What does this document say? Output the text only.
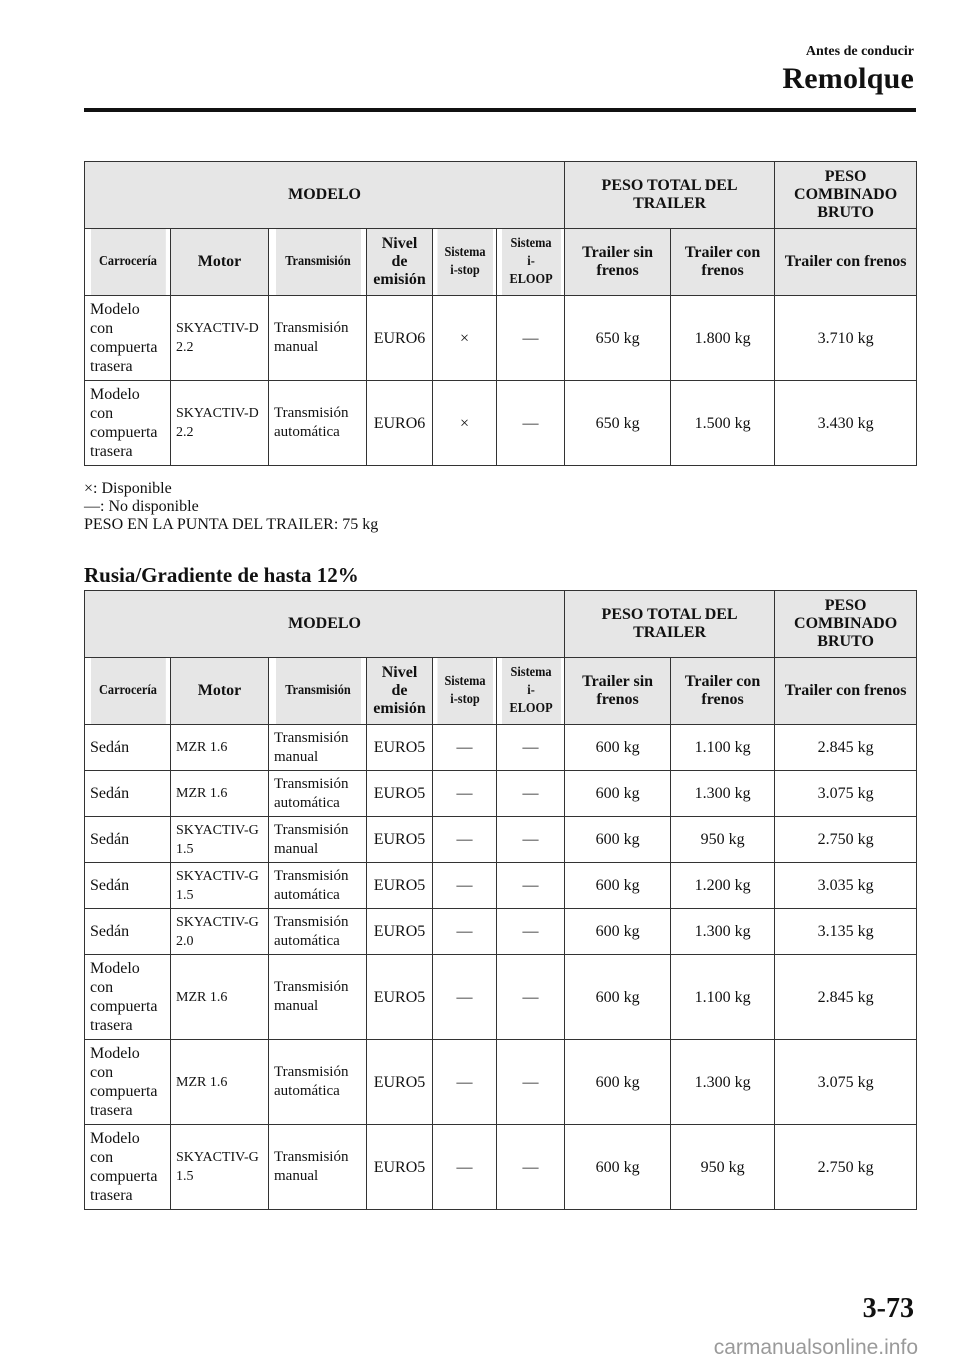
Antes de conducir
Remolque
MODELO						PESO TOTAL DEL TRAILER		PESO COMBINADO BRUTO
Carrocería	Motor	Transmisión	Nivel de emisión	Sistema i-stop	Sistema i-ELOOP	Trailer sin frenos	Trailer con frenos	Trailer con frenos
Modelo con compuerta trasera	SKYACTIV-D 2.2	Transmisión manual	EURO6	×	—	650 kg	1.800 kg	3.710 kg
Modelo con compuerta trasera	SKYACTIV-D 2.2	Transmisión automática	EURO6	×	—	650 kg	1.500 kg	3.430 kg
×: Disponible
—: No disponible
PESO EN LA PUNTA DEL TRAILER: 75 kg
Rusia/Gradiente de hasta 12%
MODELO						PESO TOTAL DEL TRAILER		PESO COMBINADO BRUTO
Carrocería	Motor	Transmisión	Nivel de emisión	Sistema i-stop	Sistema i-ELOOP	Trailer sin frenos	Trailer con frenos	Trailer con frenos
Sedán	MZR 1.6	Transmisión manual	EURO5	—	—	600 kg	1.100 kg	2.845 kg
Sedán	MZR 1.6	Transmisión automática	EURO5	—	—	600 kg	1.300 kg	3.075 kg
Sedán	SKYACTIV-G 1.5	Transmisión manual	EURO5	—	—	600 kg	950 kg	2.750 kg
Sedán	SKYACTIV-G 1.5	Transmisión automática	EURO5	—	—	600 kg	1.200 kg	3.035 kg
Sedán	SKYACTIV-G 2.0	Transmisión automática	EURO5	—	—	600 kg	1.300 kg	3.135 kg
Modelo con compuerta trasera	MZR 1.6	Transmisión manual	EURO5	—	—	600 kg	1.100 kg	2.845 kg
Modelo con compuerta trasera	MZR 1.6	Transmisión automática	EURO5	—	—	600 kg	1.300 kg	3.075 kg
Modelo con compuerta trasera	SKYACTIV-G 1.5	Transmisión manual	EURO5	—	—	600 kg	950 kg	2.750 kg
3-73
carmanualsonline.info
